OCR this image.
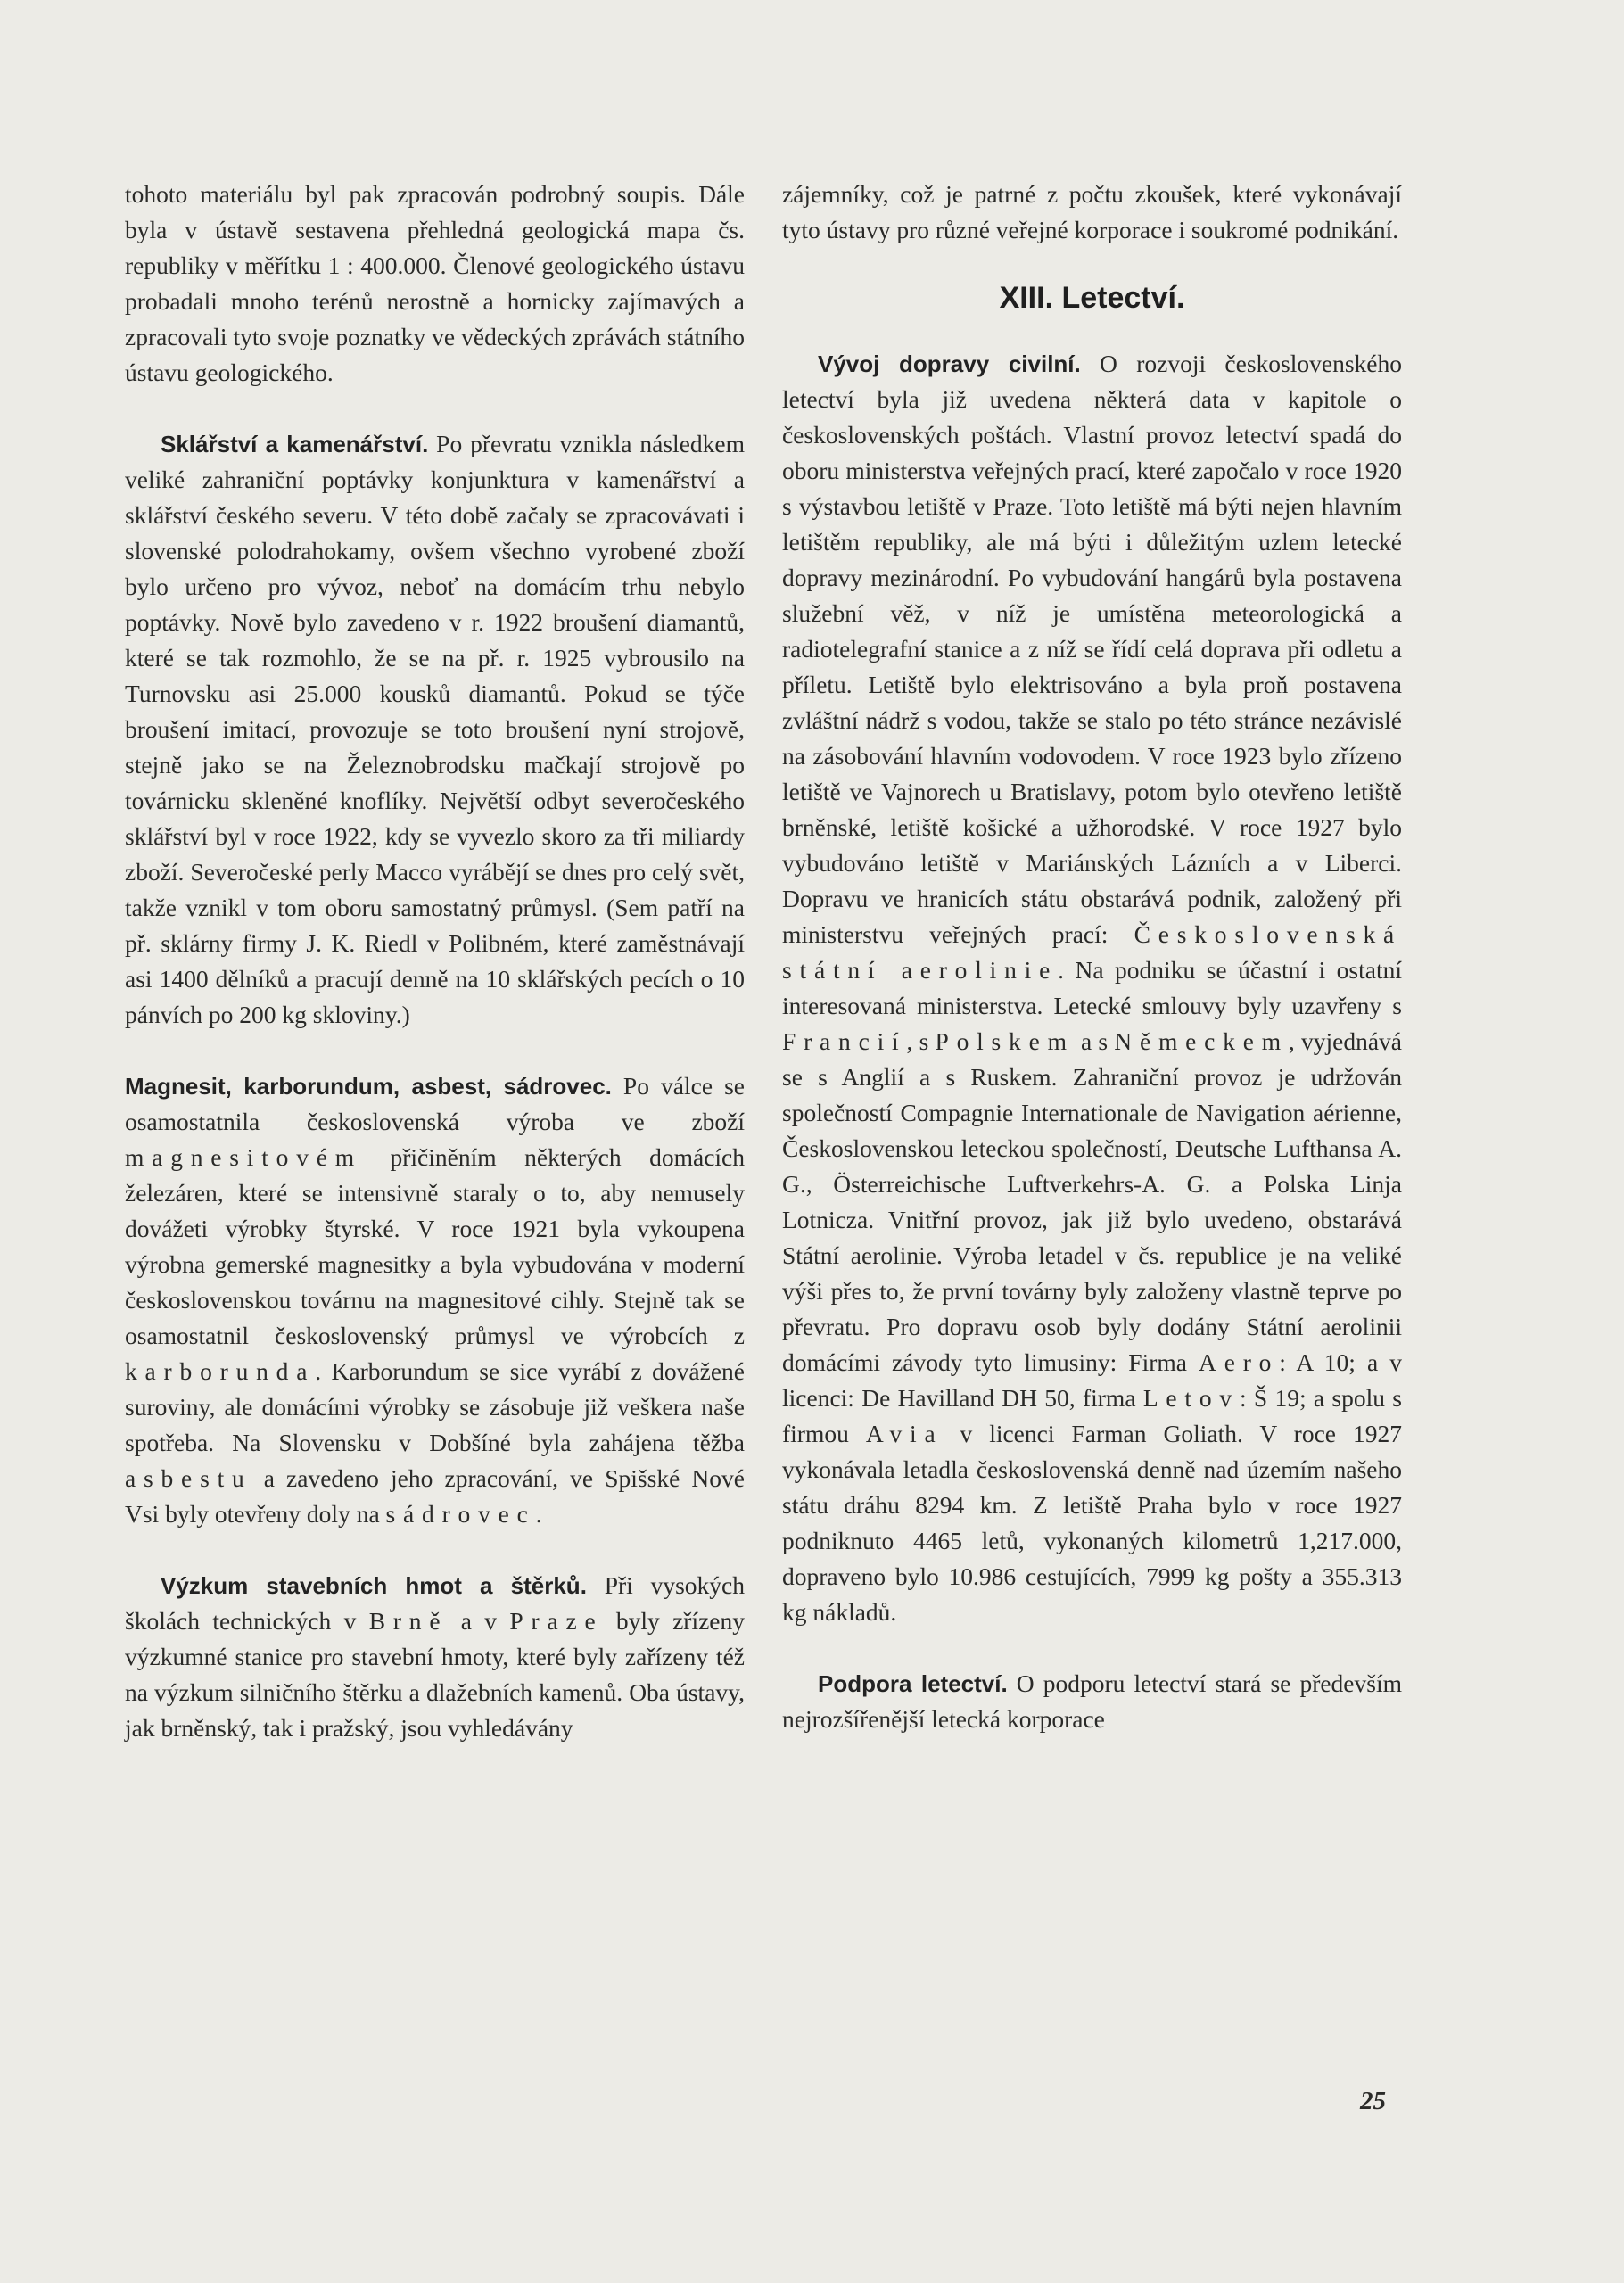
tohoto materiálu byl pak zpracován podrobný soupis. Dále byla v ústavě sestavena přehledná geologická mapa čs. republiky v měřítku 1 : 400.000. Členové geologického ústavu probadali mnoho terénů nerostně a hornicky zajímavých a zpracovali tyto svoje poznatky ve vědeckých zprávách státního ústavu geologického.

Sklářství a kamenářství. Po převratu vznikla následkem veliké zahraniční poptávky konjunktura v kamenářství a sklářství českého severu. V této době začaly se zpracovávati i slovenské polodrahokamy, ovšem všechno vyrobené zboží bylo určeno pro vývoz, neboť na domácím trhu nebylo poptávky. Nově bylo zavedeno v r. 1922 broušení diamantů, které se tak rozmohlo, že se na př. r. 1925 vybrousilo na Turnovsku asi 25.000 kousků diamantů. Pokud se týče broušení imitací, provozuje se toto broušení nyní strojově, stejně jako se na Železnobrodsku mačkají strojově po továrnicku skleněné knoflíky. Největší odbyt severočeského sklářství byl v roce 1922, kdy se vyvezlo skoro za tři miliardy zboží. Severočeské perly Macco vyrábějí se dnes pro celý svět, takže vznikl v tom oboru samostatný průmysl. (Sem patří na př. sklárny firmy J. K. Riedl v Polibném, které zaměstnávají asi 1400 dělníků a pracují denně na 10 sklářských pecích o 10 pánvích po 200 kg skloviny.)

Magnesit, karborundum, asbest, sádrovec. Po válce se osamostatnila československá výroba ve zboží magnesitovém přičiněním některých domácích železáren, které se intensivně staraly o to, aby nemusely dovážeti výrobky štyrské. V roce 1921 byla vykoupena výrobna gemerské magnesitky a byla vybudována v moderní československou továrnu na magnesitové cihly. Stejně tak se osamostatnil československý průmysl ve výrobcích z karborunda. Karborundum se sice vyrábí z dovážené suroviny, ale domácími výrobky se zásobuje již veškera naše spotřeba. Na Slovensku v Dobšíné byla zahájena těžba asbestu a zavedeno jeho zpracování, ve Spišské Nové Vsi byly otevřeny doly na sádrovec.

Výzkum stavebních hmot a štěrků. Při vysokých školách technických v Brně a v Praze byly zřízeny výzkumné stanice pro stavební hmoty, které byly zařízeny též na výzkum silničního štěrku a dlažebních kamenů. Oba ústavy, jak brněnský, tak i pražský, jsou vyhledávány

zájemníky, což je patrné z počtu zkoušek, které vykonávají tyto ústavy pro různé veřejné korporace i soukromé podnikání.

XIII. Letectví.

Vývoj dopravy civilní. O rozvoji československého letectví byla již uvedena některá data v kapitole o československých poštách. Vlastní provoz letectví spadá do oboru ministerstva veřejných prací, které započalo v roce 1920 s výstavbou letiště v Praze. Toto letiště má býti nejen hlavním letištěm republiky, ale má býti i důležitým uzlem letecké dopravy mezinárodní. Po vybudování hangárů byla postavena služební věž, v níž je umístěna meteorologická a radiotelegrafní stanice a z níž se řídí celá doprava při odletu a příletu. Letiště bylo elektrisováno a byla proň postavena zvláštní nádrž s vodou, takže se stalo po této stránce nezávislé na zásobování hlavním vodovodem. V roce 1923 bylo zřízeno letiště ve Vajnorech u Bratislavy, potom bylo otevřeno letiště brněnské, letiště košické a užhorodské. V roce 1927 bylo vybudováno letiště v Mariánských Lázních a v Liberci. Dopravu ve hranicích státu obstarává podnik, založený při ministerstvu veřejných prací: Československá státní aerolinie. Na podniku se účastní i ostatní interesovaná ministerstva. Letecké smlouvy byly uzavřeny s Francií, s Polskem a s Německem, vyjednává se s Anglií a s Ruskem. Zahraniční provoz je udržován společností Compagnie Internationale de Navigation aérienne, Československou leteckou společností, Deutsche Lufthansa A. G., Österreichische Luftverkehrs-A. G. a Polska Linja Lotnicza. Vnitřní provoz, jak již bylo uvedeno, obstarává Státní aerolinie. Výroba letadel v čs. republice je na veliké výši přes to, že první továrny byly založeny vlastně teprve po převratu. Pro dopravu osob byly dodány Státní aerolinii domácími závody tyto limusiny: Firma Aero: A 10; a v licenci: De Havilland DH 50, firma Letov: Š 19; a spolu s firmou Avia v licenci Farman Goliath. V roce 1927 vykonávala letadla československá denně nad územím našeho státu dráhu 8294 km. Z letiště Praha bylo v roce 1927 podniknuto 4465 letů, vykonaných kilometrů 1,217.000, dopraveno bylo 10.986 cestujících, 7999 kg pošty a 355.313 kg nákladů.

Podpora letectví. O podporu letectví stará se především nejrozšířenější letecká korporace

25
